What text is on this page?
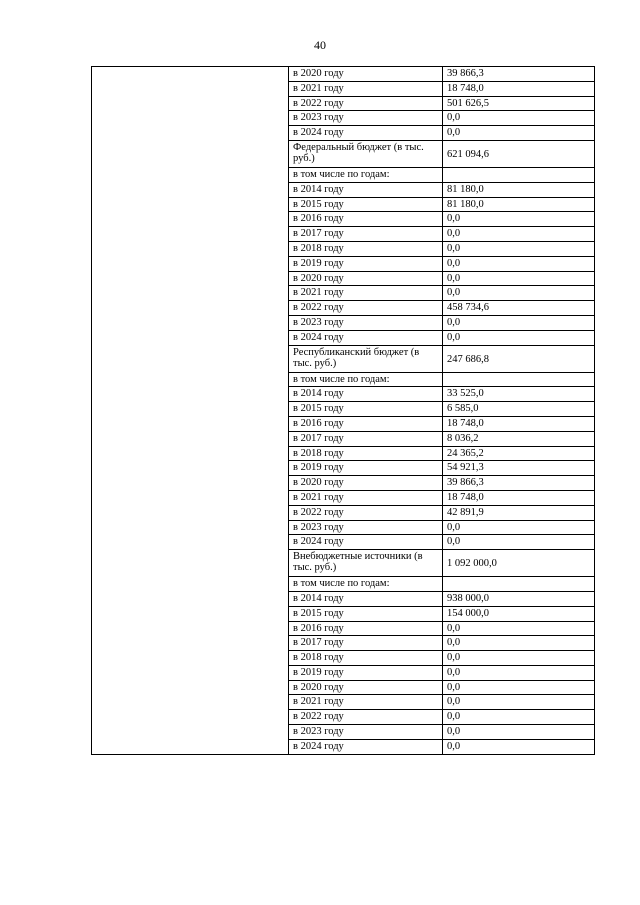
40
	в 2020 году	39 866,3
	в 2021 году	18 748,0
	в 2022 году	501 626,5
	в 2023 году	0,0
	в 2024 году	0,0
	Федеральный бюджет (в тыс. руб.)	621 094,6
	в том числе по годам:	
	в 2014 году	81 180,0
	в 2015 году	81 180,0
	в 2016 году	0,0
	в 2017 году	0,0
	в 2018 году	0,0
	в 2019 году	0,0
	в 2020 году	0,0
	в 2021 году	0,0
	в 2022 году	458 734,6
	в 2023 году	0,0
	в 2024 году	0,0
	Республиканский бюджет (в тыс. руб.)	247 686,8
	в том числе по годам:	
	в 2014 году	33 525,0
	в 2015 году	6 585,0
	в 2016 году	18 748,0
	в 2017 году	8 036,2
	в 2018 году	24 365,2
	в 2019 году	54 921,3
	в 2020 году	39 866,3
	в 2021 году	18 748,0
	в 2022 году	42 891,9
	в 2023 году	0,0
	в 2024 году	0,0
	Внебюджетные источники (в тыс. руб.)	1 092 000,0
	в том числе по годам:	
	в 2014 году	938 000,0
	в 2015 году	154 000,0
	в 2016 году	0,0
	в 2017 году	0,0
	в 2018 году	0,0
	в 2019 году	0,0
	в 2020 году	0,0
	в 2021 году	0,0
	в 2022 году	0,0
	в 2023 году	0,0
	в 2024 году	0,0
